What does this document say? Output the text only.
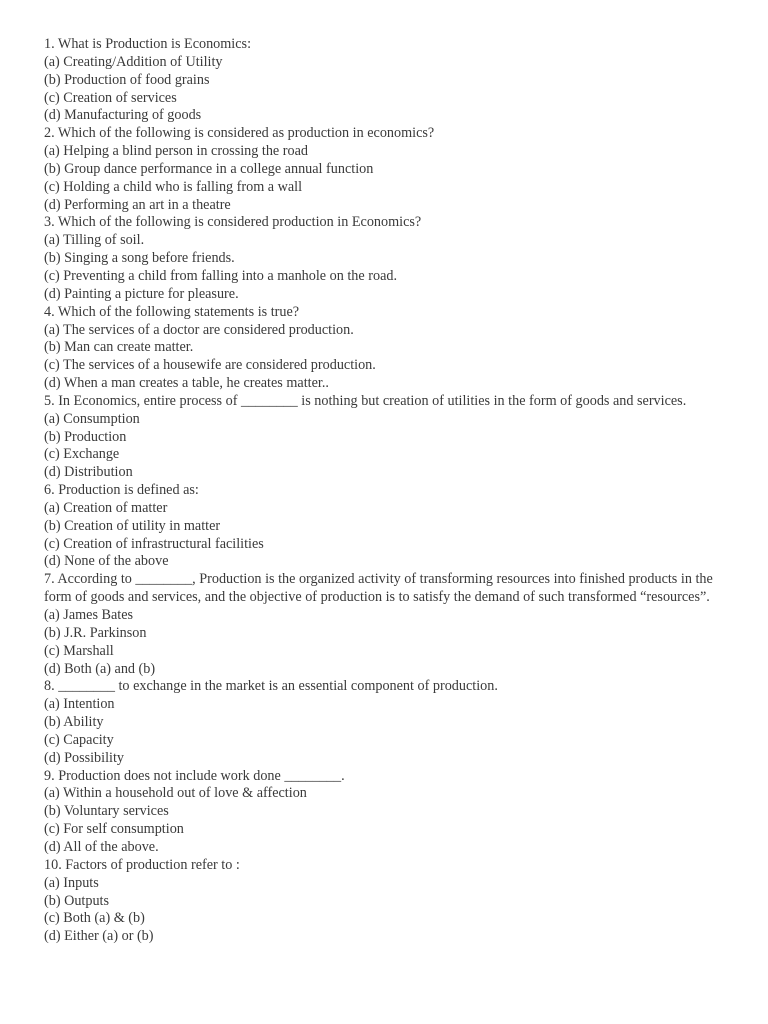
1. What is Production is Economics:
(a) Creating/Addition of Utility
(b) Production of food grains
(c) Creation of services
(d) Manufacturing of goods
2. Which of the following is considered as production in economics?
(a) Helping a blind person in crossing the road
(b) Group dance performance in a college annual function
(c) Holding a child who is falling from a wall
(d) Performing an art in a theatre
3. Which of the following is considered production in Economics?
(a) Tilling of soil.
(b) Singing a song before friends.
(c) Preventing a child from falling into a manhole on the road.
(d) Painting a picture for pleasure.
4. Which of the following statements is true?
(a) The services of a doctor are considered production.
(b) Man can create matter.
(c) The services of a housewife are considered production.
(d) When a man creates a table, he creates matter..
5. In Economics, entire process of ________ is nothing but creation of utilities in the form of goods and services.
(a) Consumption
(b) Production
(c) Exchange
(d) Distribution
6. Production is defined as:
(a) Creation of matter
(b) Creation of utility in matter
(c) Creation of infrastructural facilities
(d) None of the above
7. According to ________, Production is the organized activity of transforming resources into finished products in the form of goods and services, and the objective of production is to satisfy the demand of such transformed “resources”.
(a) James Bates
(b) J.R. Parkinson
(c) Marshall
(d) Both (a) and (b)
8. ________ to exchange in the market is an essential component of production.
(a) Intention
(b) Ability
(c) Capacity
(d) Possibility
9. Production does not include work done ________.
(a) Within a household out of love & affection
(b) Voluntary services
(c) For self consumption
(d) All of the above.
10. Factors of production refer to :
(a) Inputs
(b) Outputs
(c) Both (a) & (b)
(d) Either (a) or (b)
